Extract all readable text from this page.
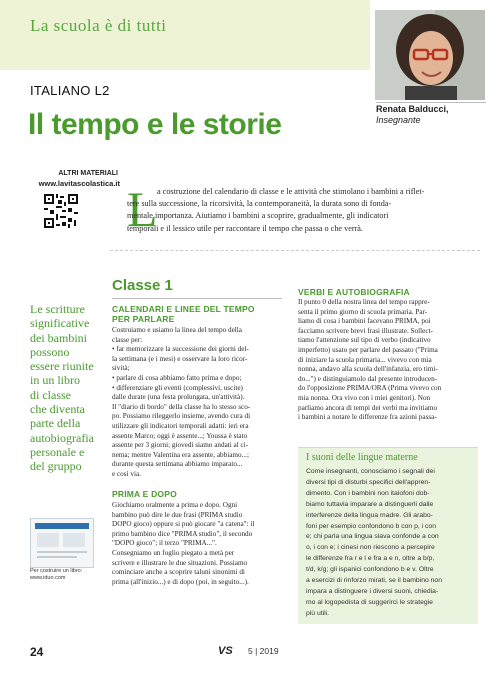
La scuola è di tutti
ITALIANO L2
Il tempo e le storie	Renata Balducci,
Insegnante
ALTRI MATERIALI
www.lavitascolastica.it L a costruzione del calendario di classe e le attività che stimolano i bambini a riflet-
tere sulla successione, la ricorsività, la contemporaneità, la durata sono di fonda-
mentale importanza. Aiutiamo i bambini a scoprire, gradualmente, gli indicatori
temporali e il lessico utile per raccontare il tempo che passa o che verrà.
Le scritture
significative
dei bambini
possono
essere riunite
in un libro
di classe
che diventa
parte della
autobiografia
personale e
del gruppo
Per costruire un libro:
www.iduo.com
Classe 1
CALENDARI E LINEE DEL TEMPO
PER PARLARE
Costruiamo e usiamo la linea del tempo della
classe per:
• far memorizzare la successione dei giorni del-
la settimana (e i mesi) e osservare la loro ricor-
sività;
• parlare di cosa abbiamo fatto prima e dopo;
• differenziare gli eventi (complessivi, uscite)
dalle durate (una festa prolungata, un'attività).
Il "diario di bordo" della classe ha lo stesso sco-
po. Possiamo rileggerlo insieme, avendo cura di
utilizzare gli indicatori temporali adatti: ieri era
assente Marco; oggi è assente...; Youssa è stato
assente per 3 giorni; giovedì siamo andati al ci-
nema; mentre Valentina era assente, abbiamo...;
durante questa settimana abbiamo imparato...
e così via.
PRIMA E DOPO
Giochiamo oralmente a prima e dopo. Ogni
bambino può dire le due frasi (PRIMA studio
DOPO gioco) oppure si può giocare "a catena": il
primo bambino dice "PRIMA studio", il secondo
"DOPO gioco"; il terzo "PRIMA...".
Consegniamo un foglio piegato a metà per
scrivere e illustrare le due situazioni. Possiamo
cominciare anche a scoprire taluni sinonimi di
prima (all'inizio...) e di dopo (poi, in seguito...).
VERBI E AUTOBIOGRAFIA
Il punto 0 della nostra linea del tempo rappre-
senta il primo giorno di scuola primaria. Par-
liamo di cosa i bambini facevano PRIMA, poi
facciamo scrivere brevi frasi illustrate. Sollect-
tiamo l'attenzione sul tipo di verbo (indicativo
imperfetto) usato per parlare del passato ("Prima
di iniziare la scuola primaria... vivevo con mia
nonna, andavo alla scuola dell'infanzia, ero timi-
do...") e distinguiamolo dal presente introducen-
do l'opposizione PRIMA/ORA (Prima vivevo con
mia nonna. Ora vivo con i miei genitori). Non
parliamo ancora di tempi dei verbi ma invitiamo
i bambini a notare le differenze fra azioni passa-
I suoni delle lingue materne
Come insegnanti, conosciamo i segnali dei
diversi tipi di disturbi specifici dell'appren-
dimento. Con i bambini non italofoni dob-
biamo tuttavia imparare a distinguerli dalle
interferenze della lingua madre. Gli arabo-
foni per esempio confondono b con p, i con
e; chi parla una lingua slava confonde a con
o, i con e; i cinesi non riescono a percepire
le differenze fra r e l e fra a e n, oltre a b/p,
t/d, k/g; gli ispanici confondono b e v. Oltre
a esercizi di rinforzo mirati, se il bambino non
impara a distinguere i diversi suoni, chiedia-
mo al logopedista di suggerirci le strategie
più utili.
24	VS 5 | 2019
